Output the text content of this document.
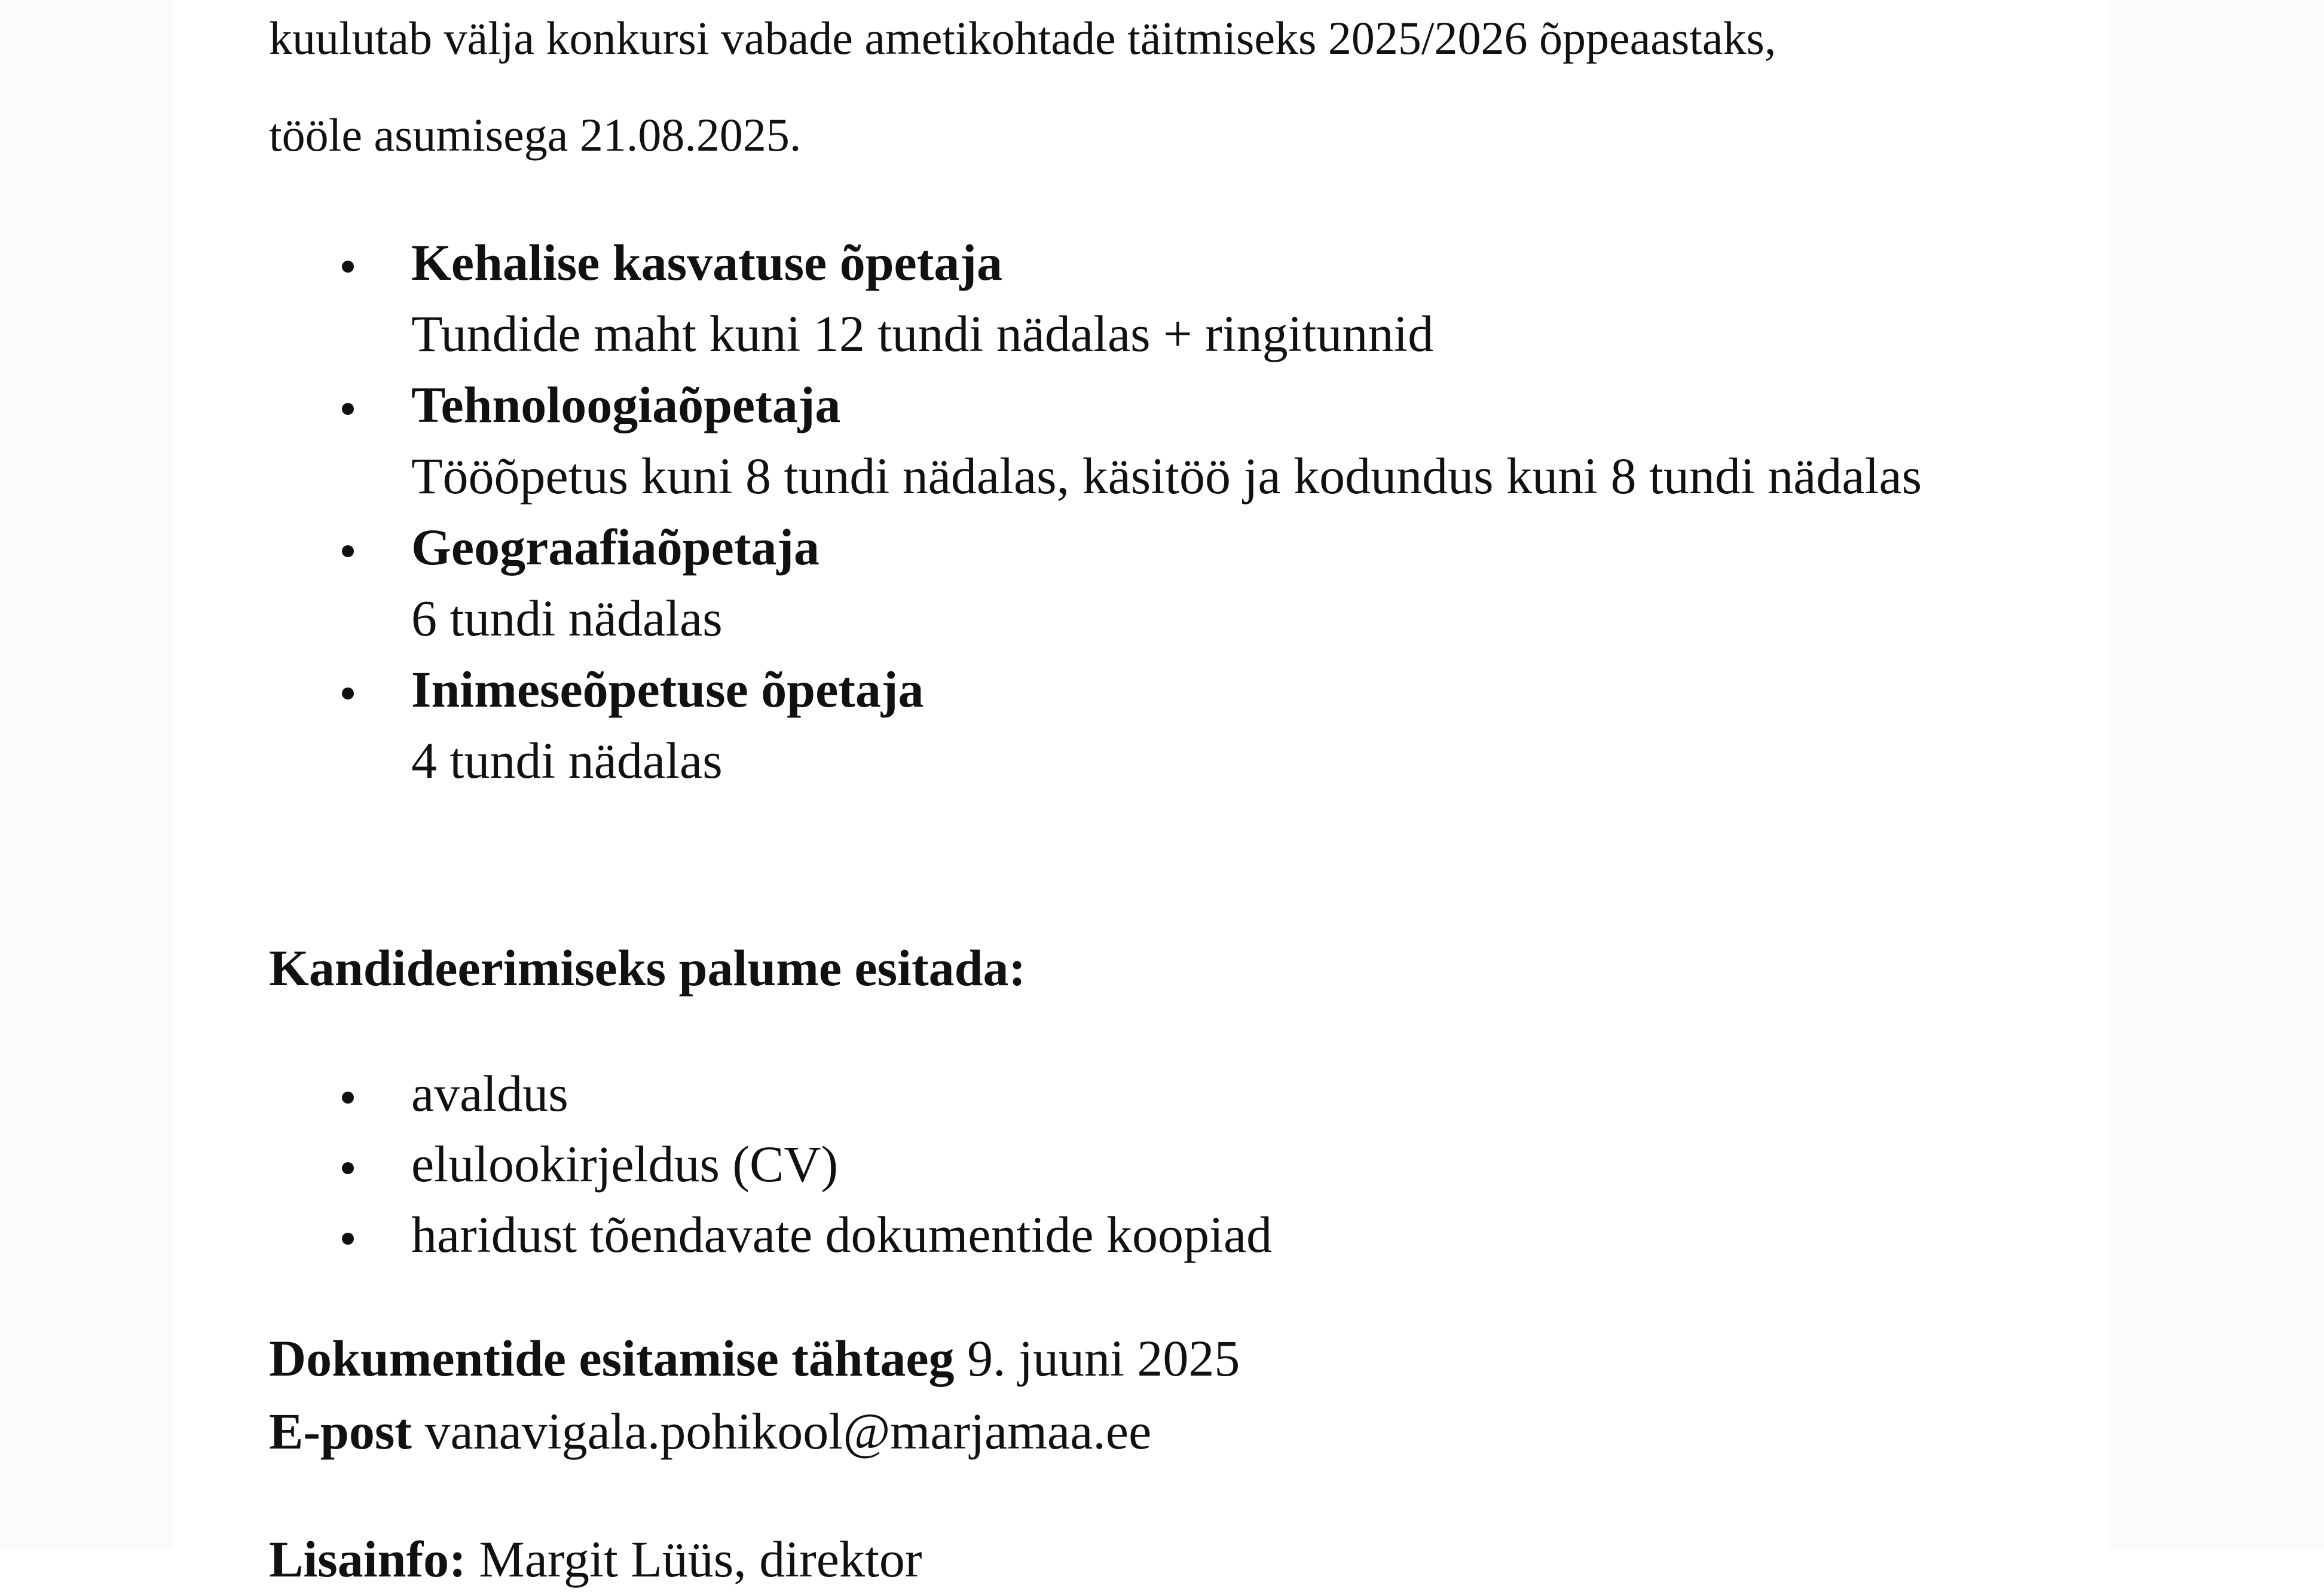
kuulutab välja konkursi vabade ametikohtade täitmiseks 2025/2026 õppeaastaks,
tööle asumisega 21.08.2025.
Kehalise kasvatuse õpetaja
Tundide maht kuni 12 tundi nädalas + ringitunnid
Tehnoloogiaõpetaja
Tööõpetus kuni 8 tundi nädalas, käsitöö ja kodundus kuni 8 tundi nädalas
Geograafiaõpetaja
6 tundi nädalas
Inimeseõpetuse õpetaja
4 tundi nädalas
Kandideerimiseks palume esitada:
avaldus
elulookirjeldus (CV)
haridust tõendavate dokumentide koopiad
Dokumentide esitamise tähtaeg 9. juuni 2025
E-post vanavigala.pohikool@marjamaa.ee
Lisainfo: Margit Lüüs, direktor
